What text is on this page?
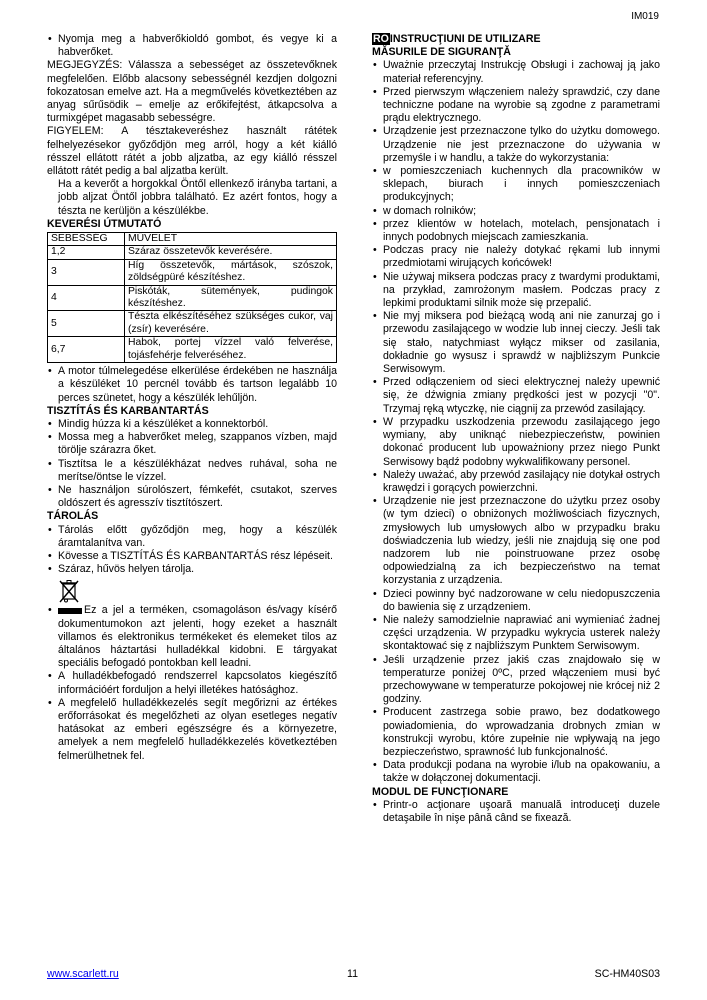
IM019
• Nyomja meg a habverőkioldó gombot, és vegye ki a habverőket.

MEGJEGYZÉS: Válassza a sebességet az összetevőknek megfelelően. Előbb alacsony sebességnél kezdjen dolgozni fokozatosan emelve azt. Ha a megművelés következtében az anyag sűrűsödik – emelje az erőkifejtést, átkapcsolva a turmixgépet magasabb sebességre.

FIGYELEM: A tésztakeveréshez használt rátétek felhelyezésekor győződjön meg arról, hogy a két kiálló résszel ellátott rátét a jobb aljzatba, az egy kiálló résszel ellátott rátét pedig a bal aljzatba került.

Ha a keverőt a horgokkal Öntől ellenkező irányba tartani, a jobb aljzat Öntől jobbra található. Ez azért fontos, hogy a tészta ne kerüljön a készülékbe.

KEVERÉSI ÚTMUTATÓ

SEBESSÉG	MŰVELET
1,2	Száraz összetevők keverésére.
3	Híg összetevők, mártások, szószok, zöldségpüré készítéshez.
4	Piskóták, sütemények, pudingok készítéshez.
5	Tészta elkészítéséhez szükséges cukor, vaj (zsír) keverésére.
6,7	Habok, portej vízzel való felverése, tojásfehérje felveréséhez.
• A motor túlmelegedése elkerülése érdekében ne használja a készüléket 10 percnél tovább és tartson legalább 10 perces szünetet, hogy a készülék lehűljön.

TISZTÍTÁS ÉS KARBANTARTÁS

• Mindig húzza ki a készüléket a konnektorból.
• Mossa meg a habverőket meleg, szappanos vízben, majd törölje szárazra őket.
• Tisztítsa le a készülékházat nedves ruhával, soha ne merítse/öntse le vízzel.
• Ne használjon súrolószert, fémkefét, csutakot, szerves oldószert és agresszív tisztítószert.

TÁROLÁS

• Tárolás előtt győződjön meg, hogy a készülék áramtalanítva van.
• Kövesse a TISZTÍTÁS ÉS KARBANTARTÁS rész lépéseit.
• Száraz, hűvös helyen tárolja.
• Ez a jel a terméken, csomagoláson és/vagy kísérő dokumentumokon azt jelenti, hogy ezeket a használt villamos és elektronikus termékeket és elemeket tilos az általános háztartási hulladékkal kidobni. E tárgyakat speciális befogadó pontokban kell leadni.
• A hulladékbefogadó rendszerrel kapcsolatos kiegészítő információért forduljon a helyi illetékes hatósághoz.
• A megfelelő hulladékkezelés segít megőrizni az értékes erőforrásokat és megelőzheti az olyan esetleges negatív hatásokat az emberi egészségre és a környezetre, amelyek a nem megfelelő hulladékkezelés következtében felmerülhetnek fel.

ROINSTRUCŢIUNI DE UTILIZARE

MĂSURILE DE SIGURANŢĂ

• Uważnie przeczytaj Instrukcję Obsługi i zachowaj ją jako materiał referencyjny.
• Przed pierwszym włączeniem należy sprawdzić, czy dane techniczne podane na wyrobie są zgodne z parametrami prądu elektrycznego.
• Urządzenie jest przeznaczone tylko do użytku domowego. Urządzenie nie jest przeznaczone do używania w przemyśle i w handlu, a także do wykorzystania:
• w pomieszczeniach kuchennych dla pracowników w sklepach, biurach i innych pomieszczeniach produkcyjnych;
• w domach rolników;
• przez klientów w hotelach, motelach, pensjonatach i innych podobnych miejscach zamieszkania.
• Podczas pracy nie należy dotykać rękami lub innymi przedmiotami wirujących końcówek!
• Nie używaj miksera podczas pracy z twardymi produktami, na przykład, zamrożonym masłem. Podczas pracy z lepkimi produktami silnik może się przepalić.
• Nie myj miksera pod bieżącą wodą ani nie zanurzaj go i przewodu zasilającego w wodzie lub innej cieczy. Jeśli tak się stało, natychmiast wyłącz mikser od zasilania, dokładnie go wysusz i sprawdź w najbliższym Punkcie Serwisowym.
• Przed odłączeniem od sieci elektrycznej należy upewnić się, że dźwignia zmiany prędkości jest w pozycji "0". Trzymaj ręką wtyczkę, nie ciągnij za przewód zasilający.
• W przypadku uszkodzenia przewodu zasilającego jego wymiany, aby uniknąć niebezpieczeństw, powinien dokonać producent lub upoważniony przez niego Punkt Serwisowy bądź podobny wykwalifikowany personel.
• Należy uważać, aby przewód zasilający nie dotykał ostrych krawędzi i gorących powierzchni.
• Urządzenie nie jest przeznaczone do użytku przez osoby (w tym dzieci) o obniżonych możliwościach fizycznych, zmysłowych lub umysłowych albo w przypadku braku doświadczenia lub wiedzy, jeśli nie znajdują się one pod nadzorem lub nie poinstruowane przez osobę odpowiedzialną za ich bezpieczeństwo na temat korzystania z urządzenia.
• Dzieci powinny być nadzorowane w celu niedopuszczenia do bawienia się z urządzeniem.
• Nie należy samodzielnie naprawiać ani wymieniać żadnej części urządzenia. W przypadku wykrycia usterek należy skontaktować się z najbliższym Punktem Serwisowym.
• Jeśli urządzenie przez jakiś czas znajdowało się w temperaturze poniżej 0ºC, przed włączeniem musi być przechowywane w temperaturze pokojowej nie krócej niż 2 godziny.
• Producent zastrzega sobie prawo, bez dodatkowego powiadomienia, do wprowadzania drobnych zmian w konstrukcji wyrobu, które zupełnie nie wpływają na jego bezpieczeństwo, sprawność lub funkcjonalność.
• Data produkcji podana na wyrobie i/lub na opakowaniu, a także w dołączonej dokumentacji.

MODUL DE FUNCŢIONARE

• Printr-o acţionare uşoară manuală introduceţi duzele detaşabile în nişe până când se fixează.
www.scarlett.ru	11	SC-HM40S03
